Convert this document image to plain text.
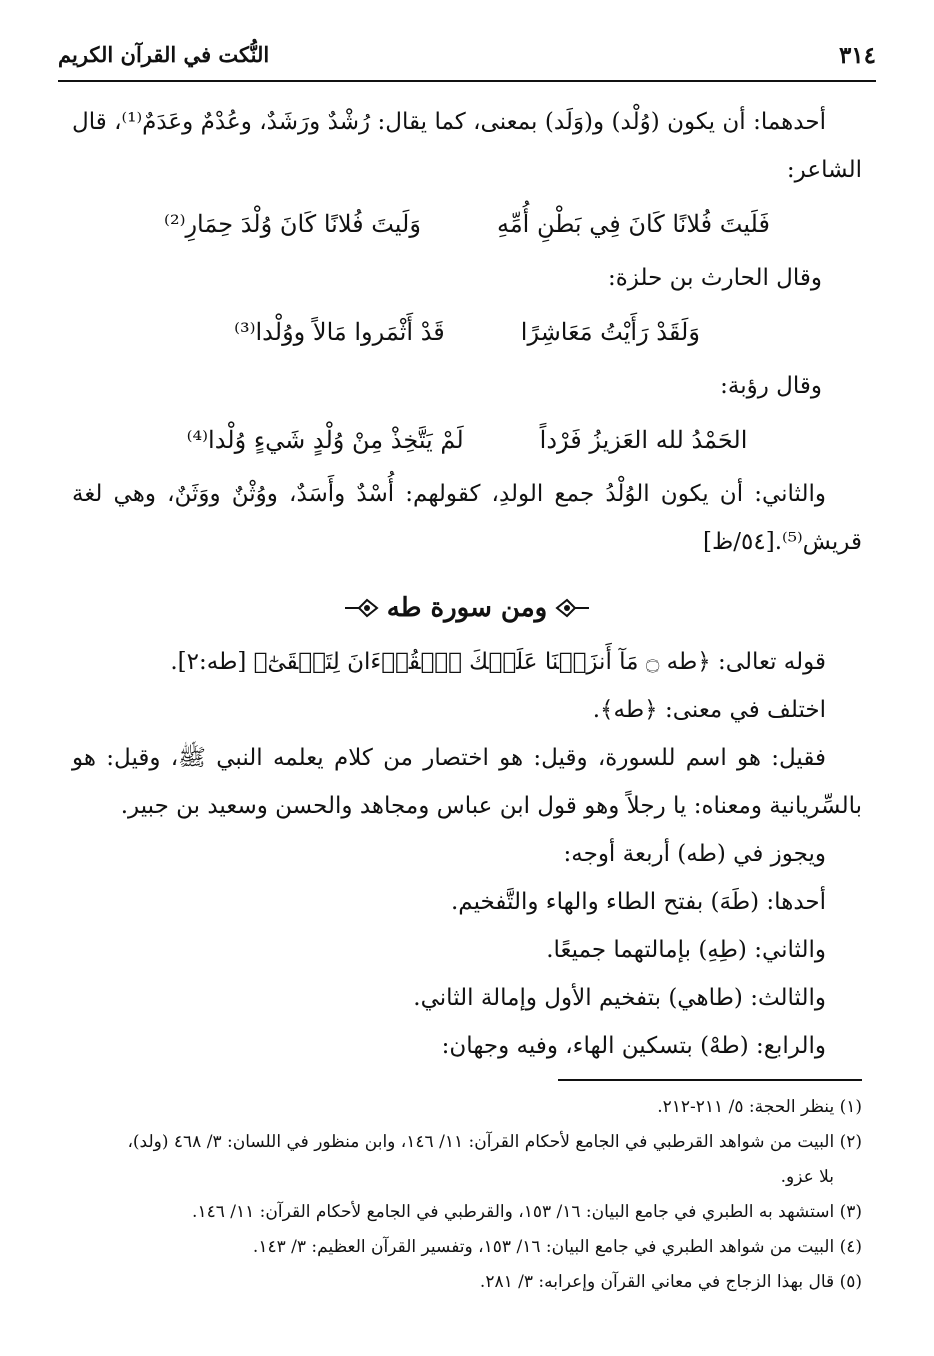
٣١٤
النُّكت في القرآن الكريم

أحدهما: أن يكون (وُلْد) و(وَلَد) بمعنى، كما يقال: رُشْدٌ ورَشَدٌ، وعُدْمٌ وعَدَمٌ⁽¹⁾، قال الشاعر:

فَلَيتَ فُلانًا كَانَ فِي بَطْنِ أُمِّهِ
وَلَيتَ فُلانًا كَانَ وُلْدَ حِمَارِ⁽²⁾

وقال الحارث بن حلزة:

وَلَقَدْ رَأَيْتُ مَعَاشِرًا
قَدْ أَثْمَروا مَالاً ووُلْدا⁽³⁾

وقال رؤبة:

الحَمْدُ لله العَزيزُ فَرْداً
لَمْ يَتَّخِذْ مِنْ وُلْدٍ شَيءٍ وُلْدا⁽⁴⁾

والثاني: أن يكون الوُلْدُ جمع الولدِ، كقولهم: أُسْدٌ وأَسَدٌ، ووُثْنٌ ووَثَنٌ، وهي لغة قريش⁽⁵⁾.[٥٤/ظ]

ومن سورة طه

قوله تعالى: ﴿طه ۝ مَآ أَنزَلۡنَا عَلَيۡكَ ٱلۡقُرۡءَانَ لِتَشۡقَىٰٓ﴾ [طه:٢].

اختلف في معنى: ﴿طه﴾.

فقيل: هو اسم للسورة، وقيل: هو اختصار من كلام يعلمه النبي ﷺ، وقيل: هو بالسِّريانية ومعناه: يا رجلاً وهو قول ابن عباس ومجاهد والحسن وسعيد بن جبير.

ويجوز في (طه) أربعة أوجه:

أحدها: (طَهَ) بفتح الطاء والهاء والتَّفخيم.

والثاني: (طِهِ) بإمالتهما جميعًا.

والثالث: (طاهي) بتفخيم الأول وإمالة الثاني.

والرابع: (طهْ) بتسكين الهاء، وفيه وجهان:

(١) ينظر الحجة: ٥/ ٢١١-٢١٢.
(٢) البيت من شواهد القرطبي في الجامع لأحكام القرآن: ١١/ ١٤٦، وابن منظور في اللسان: ٣/ ٤٦٨ (ولد)،
بلا عزو.
(٣) استشهد به الطبري في جامع البيان: ١٦/ ١٥٣، والقرطبي في الجامع لأحكام القرآن: ١١/ ١٤٦.
(٤) البيت من شواهد الطبري في جامع البيان: ١٦/ ١٥٣، وتفسير القرآن العظيم: ٣/ ١٤٣.
(٥) قال بهذا الزجاج في معاني القرآن وإعرابه: ٣/ ٢٨١.
